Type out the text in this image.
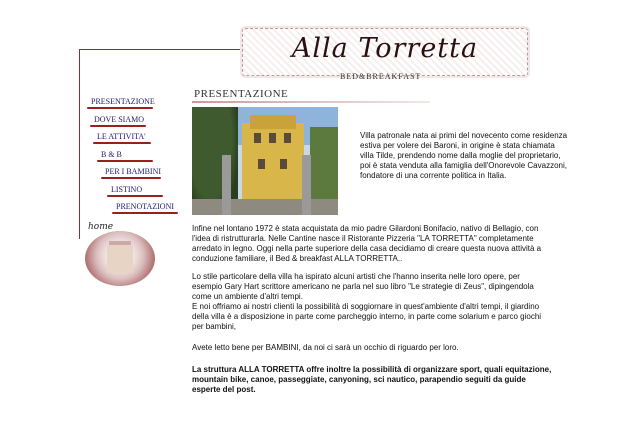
Alla Torretta
BED&BREAKFAST
PRESENTAZIONE
DOVE SIAMO
LE ATTIVITA'
B & B
PER I BAMBINI
LISTINO
PRENOTAZIONI
home
PRESENTAZIONE
Villa patronale nata ai primi del novecento come residenza estiva per volere dei Baroni, in origine è stata chiamata villa Tilde, prendendo nome dalla moglie del proprietario, poi è stata venduta alla famiglia dell'Onorevole Cavazzoni, fondatore di una corrente politica in Italia.
Infine nel lontano 1972 è stata acquistata da mio padre Gilardoni Bonifacio, nativo di Bellagio, con l'idea di ristrutturarla. Nelle Cantine nasce il Ristorante Pizzeria "LA TORRETTA" completamente arredato in legno. Oggi nella parte superiore della casa decidiamo di creare questa nuova attività a conduzione familiare, il Bed & breakfast ALLA TORRETTA..
Lo stile particolare della villa ha ispirato alcuni artisti che l'hanno inserita nelle loro opere, per esempio Gary Hart scrittore americano ne parla nel suo libro "Le strategie di Zeus", dipingendola come un ambiente d'altri tempi.
E noi offriamo ai nostri clienti la possibilità di soggiornare in quest'ambiente d'altri tempi, il giardino della villa è a disposizione in parte come parcheggio interno, in parte come solarium e parco giochi per bambini,
Avete letto bene per BAMBINI, da noi ci sarà un occhio di riguardo per loro.
La struttura ALLA TORRETTA offre inoltre la possibilità di organizzare sport, quali equitazione, mountain bike, canoe, passeggiate, canyoning, sci nautico, parapendio seguiti da guide esperte del post.
